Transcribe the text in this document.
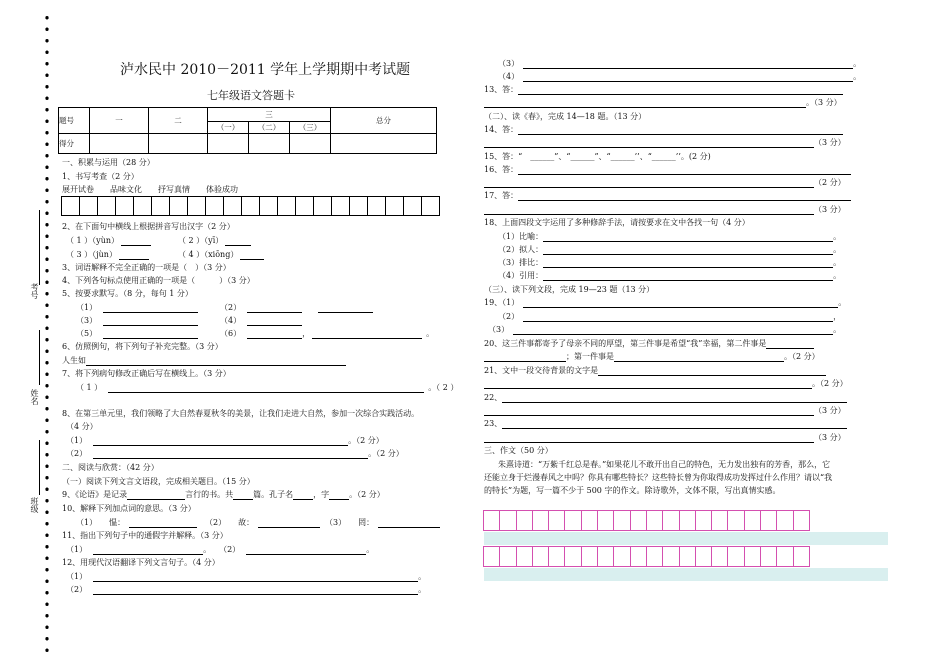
考号
姓名
班级
泸水民中 2010－2011 学年上学期期中考试题
七年级语文答题卡
题号	一	二	三			总分
			（一）	（二）	（三）	
得分						
一、积累与运用（28 分）
1、书写考查（2 分）
展开试卷　　品味文化　　抒写真情　　体验成功
2、在下面句中横线上根据拼音写出汉字（2 分）
（ 1 ）（yùn）	（ 2 ）（yī）
（ 3 ）（jùn）	（ 4 ）（xiōng）
3、词语解释不完全正确的一项是（　）（3 分）
4、下列各句标点使用正确的一项是（　　　）（3 分）
5、按要求默写。（8 分，每句 1 分）
（1）	（2）
（3）	（4）
（5）	（6）	，	。
6、仿照例句，将下列句子补充完整。（3 分）
人生如
7、将下列病句修改正确后写在横线上。（3 分）
（ 1 ）	。（ 2 ）
8、在第三单元里，我们领略了大自然春夏秋冬的美景，让我们走进大自然，参加一次综合实践活动。
（4 分）
（1）	。（2 分）
（2）	。（2 分）
二、阅读与欣赏：（42 分）
（一）阅读下列文言文语段，完成相关题目。（15 分）
9、《论语》是记录	言行的书。共	篇。孔子名	，字	。（2 分）
10、解释下列加点词的意思。（3 分）
（1）　　愠：	（2）　　故：	（3）　　罔：
11、指出下列句子中的通假字并解释。（3 分）
（1）	。　　（2）	。
12、用现代汉语翻译下列文言句子。（4 分）
（1）	。
（2）	。
（3）	。
（4）	。
13、答：
。（3 分）
（二）、读《春》，完成 14—18 题。（13 分）
14、答：
（3 分）
15、答：“　______”、“______”、“______’’、“______’’。(2 分)
16、答：
（2 分）
17、答：
（3 分）
18、上面四段文字运用了多种修辞手法，请按要求在文中各找一句（4 分）
（1）比喻：	。
（2）拟人：	。
（3）排比：	。
（4）引用：	。
（三）、读下列文段，完成 19—23 题（13 分）
19、（1）	。
（2）	，
（3）	。
20、这三件事都寄予了母亲不同的厚望，第三件事是希望“我”幸福，第二件事是
；第一件事是	。（2 分）
21、文中一段交待背景的文字是
。（2 分）
22、
（3 分）
23、
（3 分）
三、作文（50 分）
朱熹诗道：“万紫千红总是春。”如果花儿不敢开出自己的特色，无力发出独有的芳香，那么，它
还能立身于烂漫春风之中吗？你具有哪些特长？这些特长曾为你取得成功发挥过什么作用？请以“我
的特长”为题，写一篇不少于 500 字的作文。除诗歌外，文体不限，写出真情实感。
